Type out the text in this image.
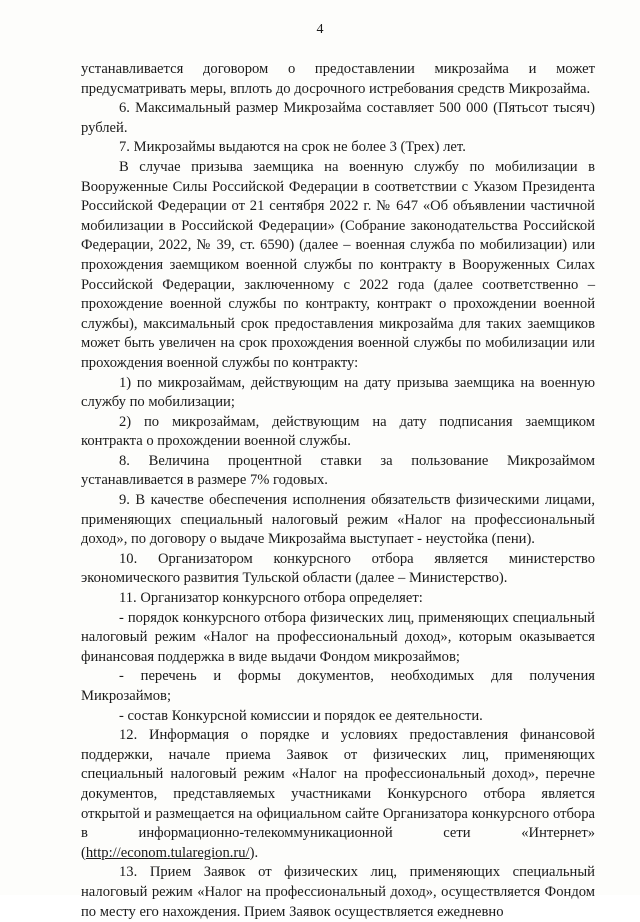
4

устанавливается договором о предоставлении микрозайма и может предусматривать меры, вплоть до досрочного истребования средств Микрозайма.

6. Максимальный размер Микрозайма составляет 500 000 (Пятьсот тысяч) рублей.

7. Микрозаймы выдаются на срок не более 3 (Трех) лет.

В случае призыва заемщика на военную службу по мобилизации в Вооруженные Силы Российской Федерации в соответствии с Указом Президента Российской Федерации от 21 сентября 2022 г. № 647 «Об объявлении частичной мобилизации в Российской Федерации» (Собрание законодательства Российской Федерации, 2022, № 39, ст. 6590) (далее – военная служба по мобилизации) или прохождения заемщиком военной службы по контракту в Вооруженных Силах Российской Федерации, заключенному с 2022 года (далее соответственно – прохождение военной службы по контракту, контракт о прохождении военной службы), максимальный срок предоставления микрозайма для таких заемщиков может быть увеличен на срок прохождения военной службы по мобилизации или прохождения военной службы по контракту:

1) по микрозаймам, действующим на дату призыва заемщика на военную службу по мобилизации;

2) по микрозаймам, действующим на дату подписания заемщиком контракта о прохождении военной службы.

8. Величина процентной ставки за пользование Микрозаймом устанавливается в размере 7% годовых.

9. В качестве обеспечения исполнения обязательств физическими лицами, применяющих специальный налоговый режим «Налог на профессиональный доход», по договору о выдаче Микрозайма выступает - неустойка (пени).

10. Организатором конкурсного отбора является министерство экономического развития Тульской области (далее – Министерство).

11. Организатор конкурсного отбора определяет:

- порядок конкурсного отбора физических лиц, применяющих специальный налоговый режим «Налог на профессиональный доход», которым оказывается финансовая поддержка в виде выдачи Фондом микрозаймов;

- перечень и формы документов, необходимых для получения Микрозаймов;

- состав Конкурсной комиссии и порядок ее деятельности.

12. Информация о порядке и условиях предоставления финансовой поддержки, начале приема Заявок от физических лиц, применяющих специальный налоговый режим «Налог на профессиональный доход», перечне документов, представляемых участниками Конкурсного отбора является открытой и размещается на официальном сайте Организатора конкурсного отбора в информационно-телекоммуникационной сети «Интернет» (http://econom.tularegion.ru/).

13. Прием Заявок от физических лиц, применяющих специальный налоговый режим «Налог на профессиональный доход», осуществляется Фондом по месту его нахождения. Прием Заявок осуществляется ежедневно
